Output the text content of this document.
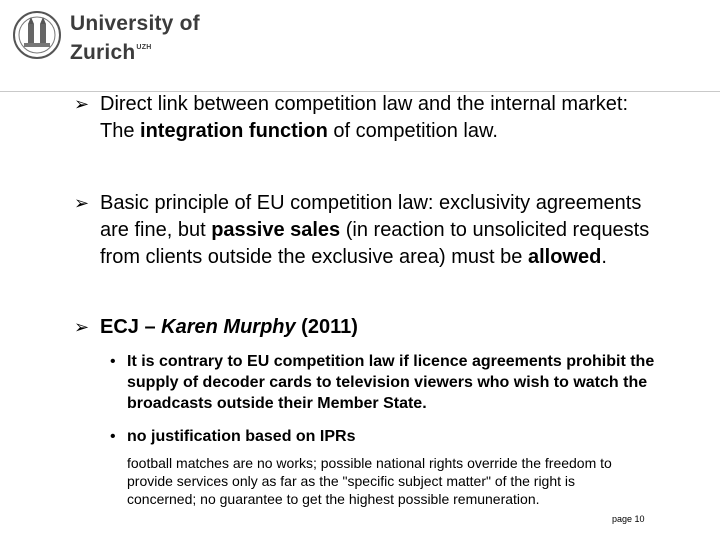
University of
Zurich$^{UZH}$
➢ Direct link between competition law and the internal market: The integration function of competition law.
➢ Basic principle of EU competition law: exclusivity agreements are fine, but passive sales (in reaction to unsolicited requests from clients outside the exclusive area) must be allowed.
➢ ECJ – Karen Murphy (2011)
• It is contrary to EU competition law if licence agreements prohibit the supply of decoder cards to television viewers who wish to watch the broadcasts outside their Member State.
• no justification based on IPRs
football matches are no works; possible national rights override the freedom to provide services only as far as the "specific subject matter" of the right is concerned; no guarantee to get the highest possible remuneration.
page 10
